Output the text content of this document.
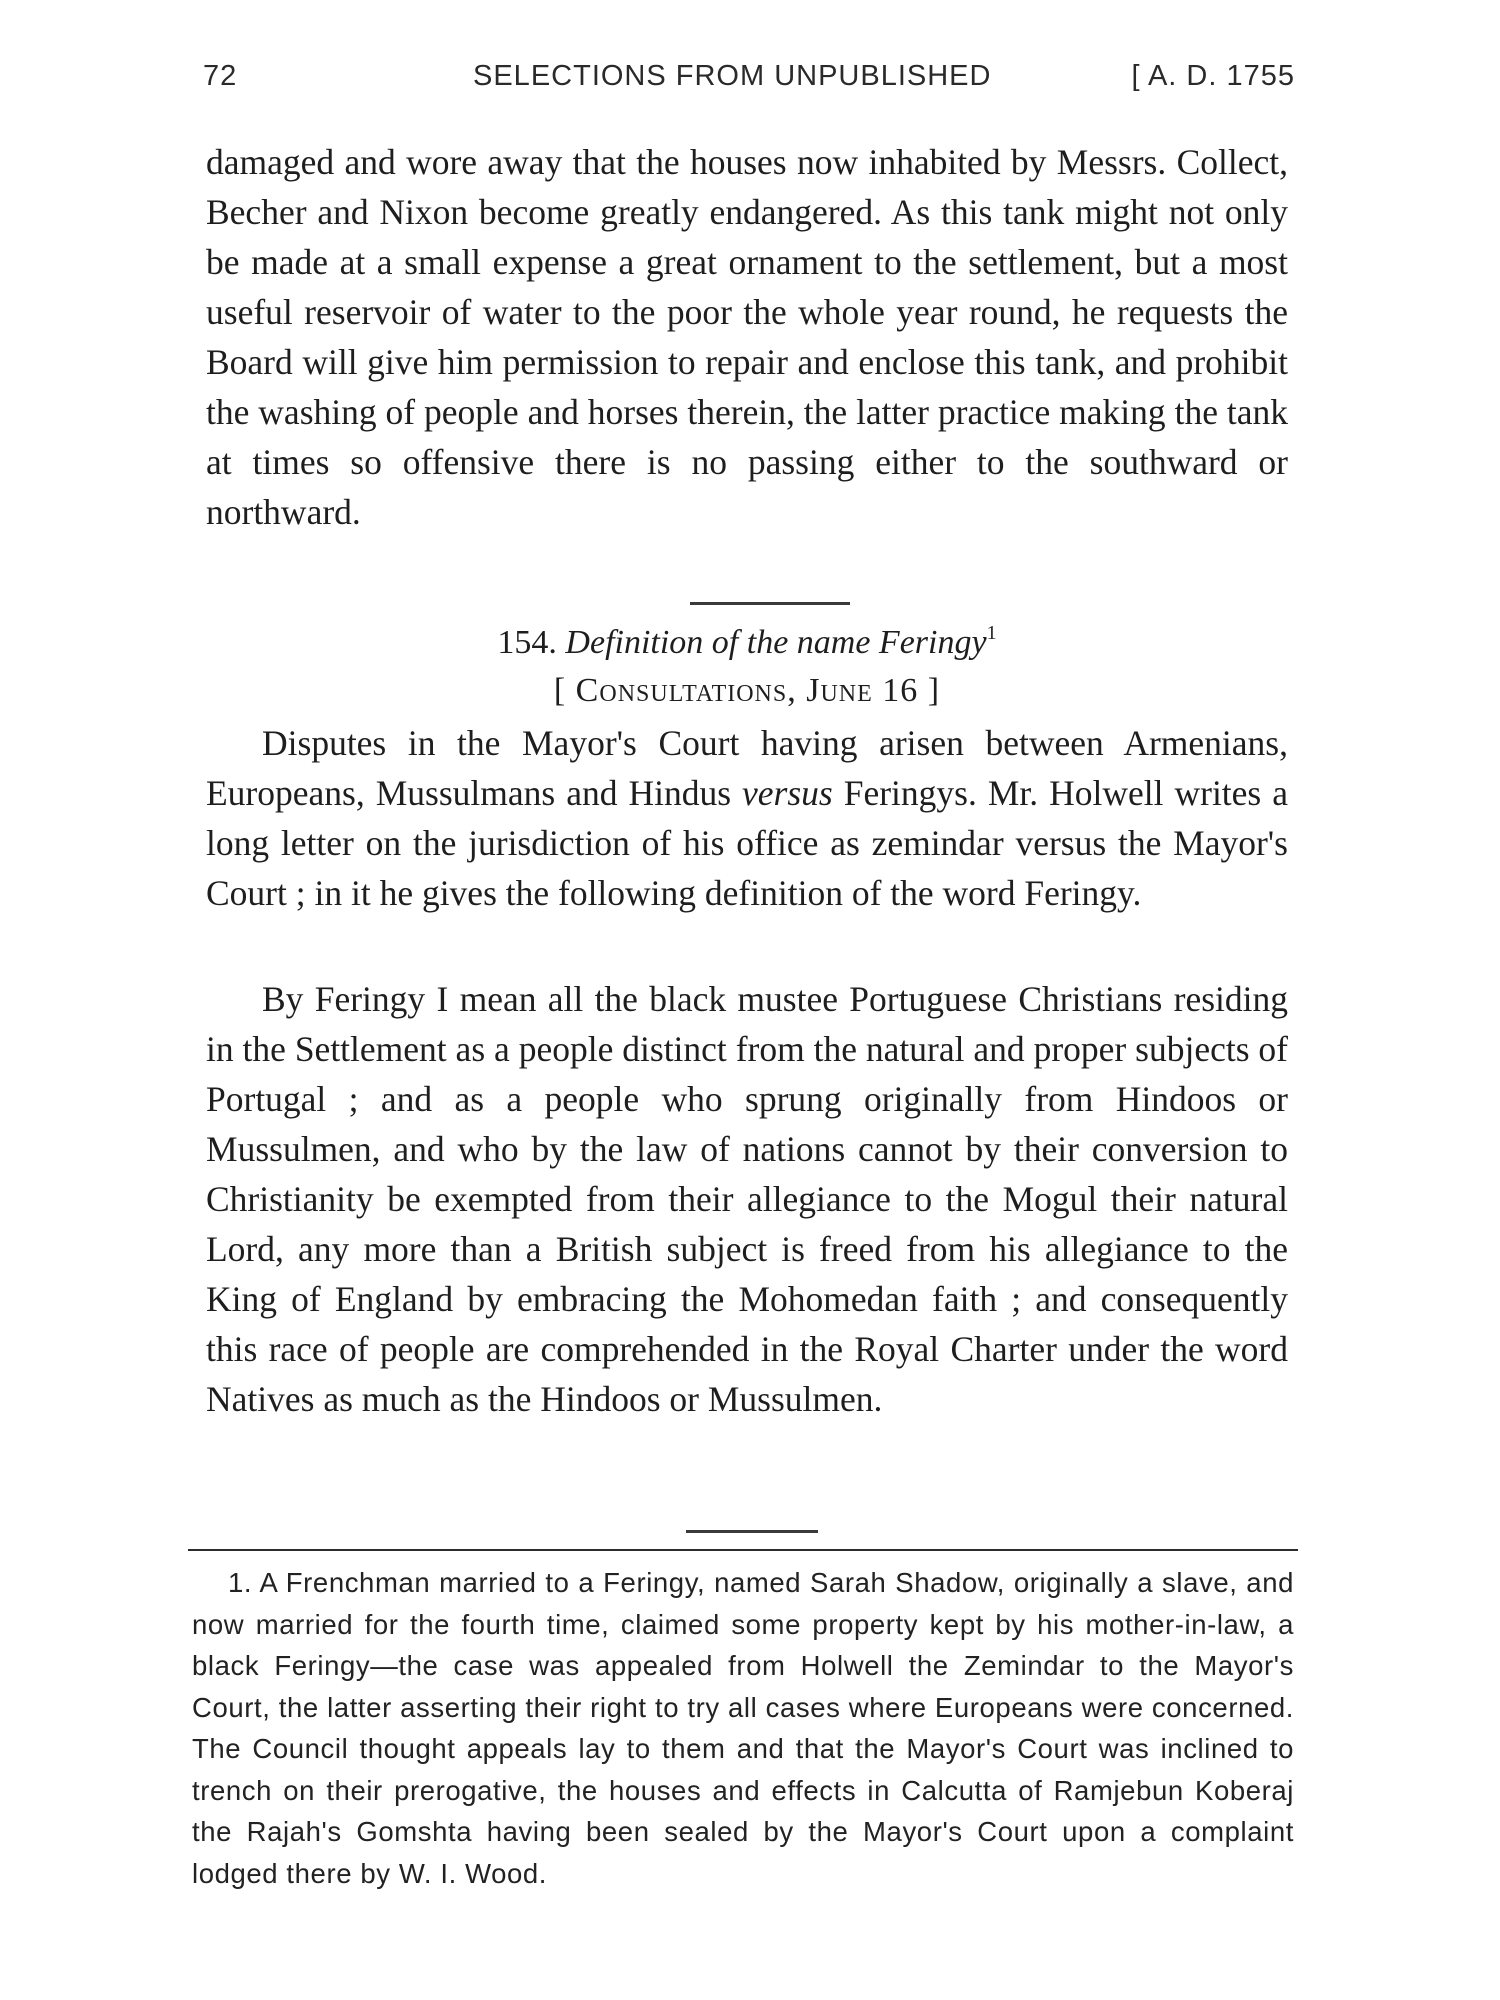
72	SELECTIONS FROM UNPUBLISHED	[ A. D. 1755

damaged and wore away that the houses now inhabited by Messrs. Collect, Becher and Nixon become greatly endangered. As this tank might not only be made at a small expense a great ornament to the settlement, but a most useful reservoir of water to the poor the whole year round, he requests the Board will give him permission to repair and enclose this tank, and prohibit the washing of people and horses therein, the latter practice making the tank at times so offensive there is no passing either to the southward or northward.

154. Definition of the name Feringy$^1$

[ Consultations, June 16 ]

Disputes in the Mayor's Court having arisen between Armenians, Europeans, Mussulmans and Hindus versus Feringys. Mr. Holwell writes a long letter on the jurisdiction of his office as zemindar versus the Mayor's Court ; in it he gives the following definition of the word Feringy.

By Feringy I mean all the black mustee Portuguese Christians residing in the Settlement as a people distinct from the natural and proper subjects of Portugal ; and as a people who sprung originally from Hindoos or Mussulmen, and who by the law of nations cannot by their conversion to Christianity be exempted from their allegiance to the Mogul their natural Lord, any more than a British subject is freed from his allegiance to the King of England by embracing the Mohomedan faith ; and consequently this race of people are comprehended in the Royal Charter under the word Natives as much as the Hindoos or Mussulmen.

1. A Frenchman married to a Feringy, named Sarah Shadow, originally a slave, and now married for the fourth time, claimed some property kept by his mother-in-law, a black Feringy—the case was appealed from Holwell the Zemindar to the Mayor's Court, the latter asserting their right to try all cases where Europeans were concerned. The Council thought appeals lay to them and that the Mayor's Court was inclined to trench on their prerogative, the houses and effects in Calcutta of Ramjebun Koberaj the Rajah's Gomshta having been sealed by the Mayor's Court upon a complaint lodged there by W. I. Wood.
